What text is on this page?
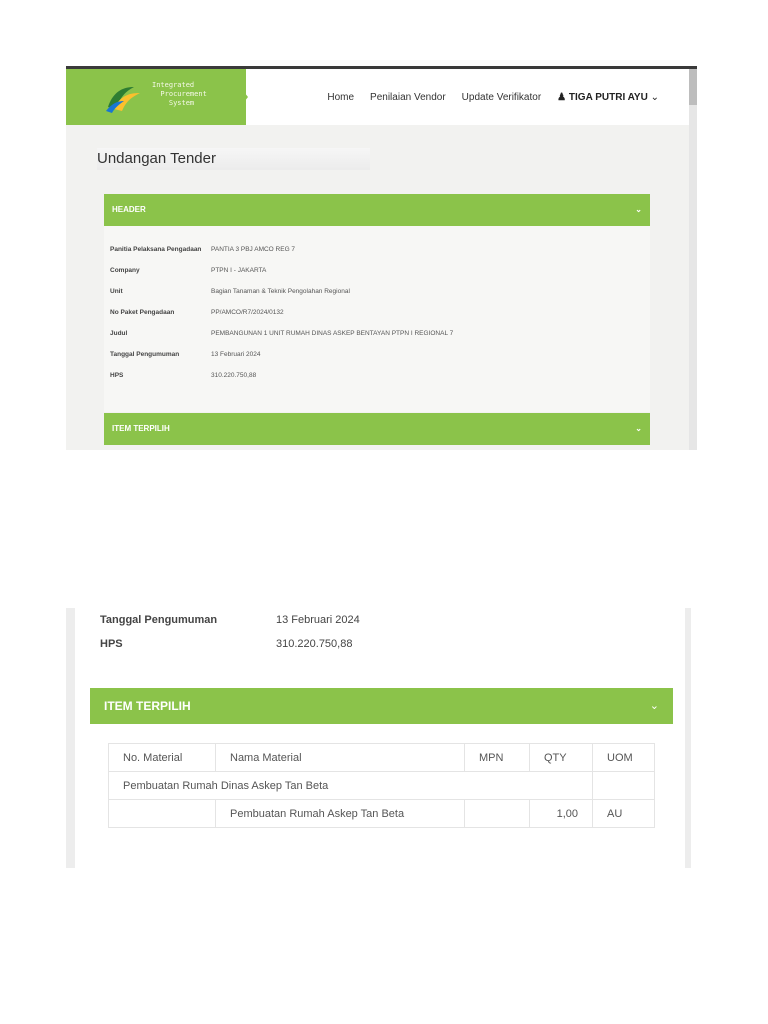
Integrated
Procurement
System
Home Penilaian Vendor Update Verifikator ♟ TIGA PUTRI AYU ⌄
Undangan Tender
HEADER	⌄
Panitia Pelaksana Pengadaan PANTIA 3 PBJ AMCO REG 7
Company	PTPN I - JAKARTA
Unit	Bagian Tanaman & Teknik Pengolahan Regional
No Paket Pengadaan	PP/AMCO/R7/2024/0132
Judul	PEMBANGUNAN 1 UNIT RUMAH DINAS ASKEP BENTAYAN PTPN I REGIONAL 7
Tanggal Pengumuman	13 Februari 2024
HPS	310.220.750,88
ITEM TERPILIH	⌄
Tanggal Pengumuman	13 Februari 2024
HPS	310.220.750,88
ITEM TERPILIH	⌄
No. Material	Nama Material	MPN	QTY	UOM
Pembuatan Rumah Dinas Askep Tan Beta				
	Pembuatan Rumah Askep Tan Beta		1,00	AU
